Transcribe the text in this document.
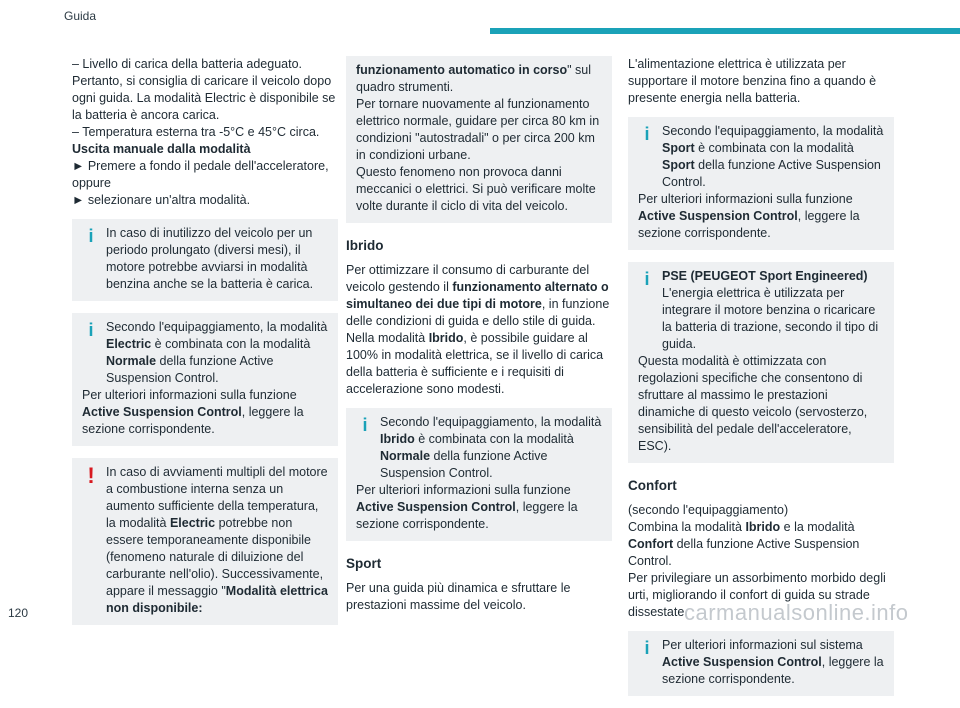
Guida

– Livello di carica della batteria adeguato. Pertanto, si consiglia di caricare il veicolo dopo ogni guida. La modalità Electric è disponibile se la batteria è ancora carica.

– Temperatura esterna tra -5°C e 45°C circa.

Uscita manuale dalla modalità

► Premere a fondo il pedale dell'acceleratore, oppure

► selezionare un'altra modalità.

i	In caso di inutilizzo del veicolo per un periodo prolungato (diversi mesi), il motore potrebbe avviarsi in modalità benzina anche se la batteria è carica.

i	Secondo l'equipaggiamento, la modalità Electric è combinata con la modalità Normale della funzione Active Suspension Control.

Per ulteriori informazioni sulla funzione Active Suspension Control, leggere la sezione corrispondente.

! In caso di avviamenti multipli del motore a combustione interna senza un aumento sufficiente della temperatura, la modalità Electric potrebbe non essere temporaneamente disponibile (fenomeno naturale di diluizione del carburante nell'olio). Successivamente, appare il messaggio "Modalità elettrica non disponibile:

funzionamento automatico in corso" sul quadro strumenti.

Per tornare nuovamente al funzionamento elettrico normale, guidare per circa 80 km in condizioni "autostradali" o per circa 200 km in condizioni urbane.

Questo fenomeno non provoca danni meccanici o elettrici. Si può verificare molte volte durante il ciclo di vita del veicolo.

Ibrido

Per ottimizzare il consumo di carburante del veicolo gestendo il funzionamento alternato o simultaneo dei due tipi di motore, in funzione delle condizioni di guida e dello stile di guida.

Nella modalità Ibrido, è possibile guidare al 100% in modalità elettrica, se il livello di carica della batteria è sufficiente e i requisiti di accelerazione sono modesti.

i	Secondo l'equipaggiamento, la modalità Ibrido è combinata con la modalità Normale della funzione Active Suspension Control.

Per ulteriori informazioni sulla funzione Active Suspension Control, leggere la sezione corrispondente.

Sport

Per una guida più dinamica e sfruttare le prestazioni massime del veicolo.

L'alimentazione elettrica è utilizzata per supportare il motore benzina fino a quando è presente energia nella batteria.

i	Secondo l'equipaggiamento, la modalità Sport è combinata con la modalità Sport della funzione Active Suspension Control.

Per ulteriori informazioni sulla funzione Active Suspension Control, leggere la sezione corrispondente.

i	PSE (PEUGEOT Sport Engineered)

L'energia elettrica è utilizzata per integrare il motore benzina o ricaricare la batteria di trazione, secondo il tipo di guida.

Questa modalità è ottimizzata con regolazioni specifiche che consentono di sfruttare al massimo le prestazioni dinamiche di questo veicolo (servosterzo, sensibilità del pedale dell'acceleratore, ESC).

Confort

(secondo l'equipaggiamento)

Combina la modalità Ibrido e la modalità Confort della funzione Active Suspension Control.

Per privilegiare un assorbimento morbido degli urti, migliorando il confort di guida su strade dissestate.

i	Per ulteriori informazioni sul sistema Active Suspension Control, leggere la sezione corrispondente.

120	carmanualsonline.info
